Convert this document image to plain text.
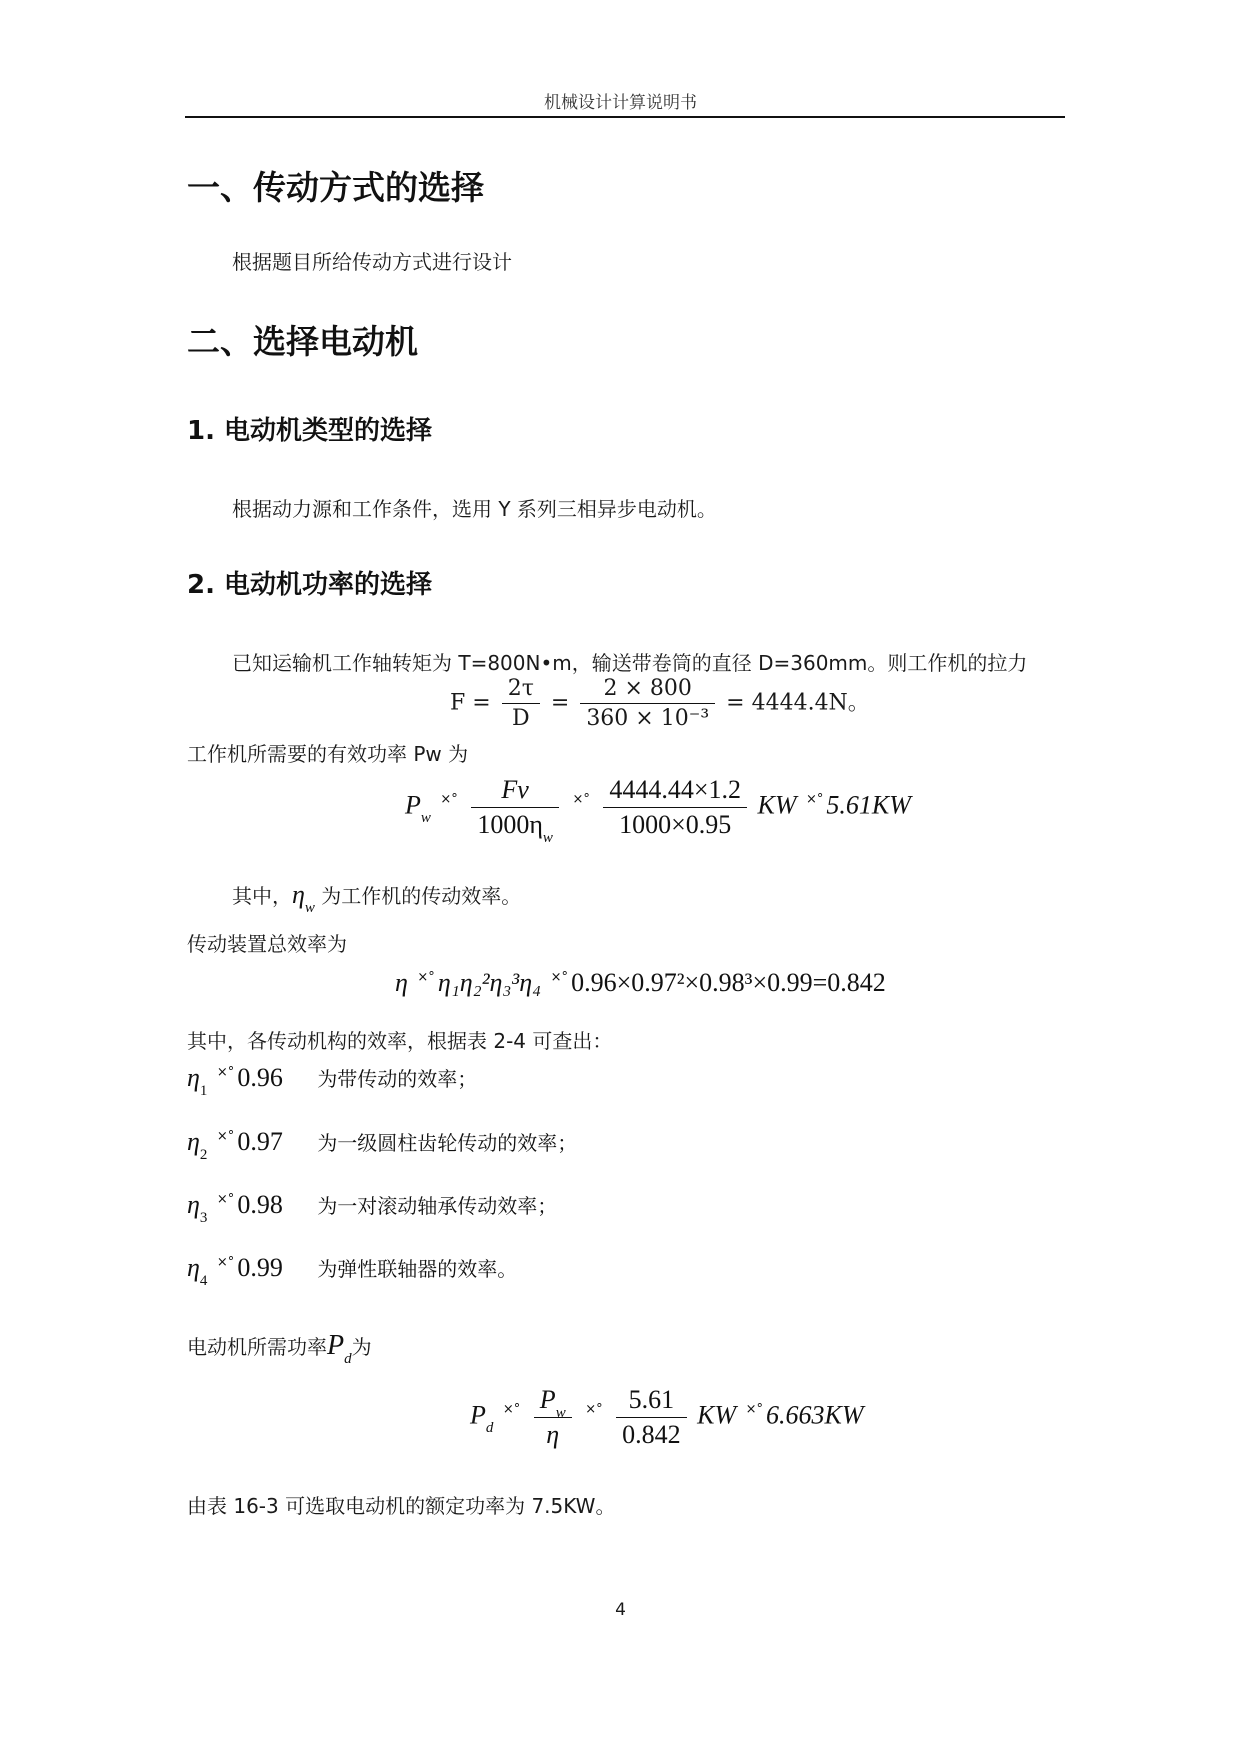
机械设计计算说明书
一、传动方式的选择
根据题目所给传动方式进行设计
二、选择电动机
1. 电动机类型的选择
根据动力源和工作条件，选用 Y 系列三相异步电动机。
2. 电动机功率的选择
已知运输机工作轴转矩为 T=800N•m，输送带卷筒的直径 D=360mm。则工作机的拉力
$F = \frac{2\tau}{D} = \frac{2 \times 800}{\text{360 × 10⁻³}} = 4444.4N$。
工作机所需要的有效功率 Pw 为
$P_w$ $^{\times^\circ} \frac{Fv}{1000\eta_w} ^{\times^\circ} \frac{4444.44\times 1.2}{1000\times 0.95}$ KW ×° 5.61KW
其中，$\eta_w$ 为工作机的传动效率。
传动装置总效率为
η ×° η₁η₂²η₃³η₄ ×° 0.96×0.97²×0.98³×0.99=0.842
其中，各传动机构的效率，根据表 2-4 可查出：
$\eta_1$ ×° 0.96 为带传动的效率；
$\eta_2$ ×° 0.97 为一级圆柱齿轮传动的效率；
$\eta_3$ ×° 0.98 为一对滚动轴承传动效率；
$\eta_4$ ×° 0.99 为弹性联轴器的效率。
电动机所需功率$P_d$为
$P_d$ $^{\times^\circ} \frac{P_w}{\eta} ^{\times^\circ} \frac{5.61}{0.842}$ KW ×° 6.663KW
由表 16-3 可选取电动机的额定功率为 7.5KW。
4
